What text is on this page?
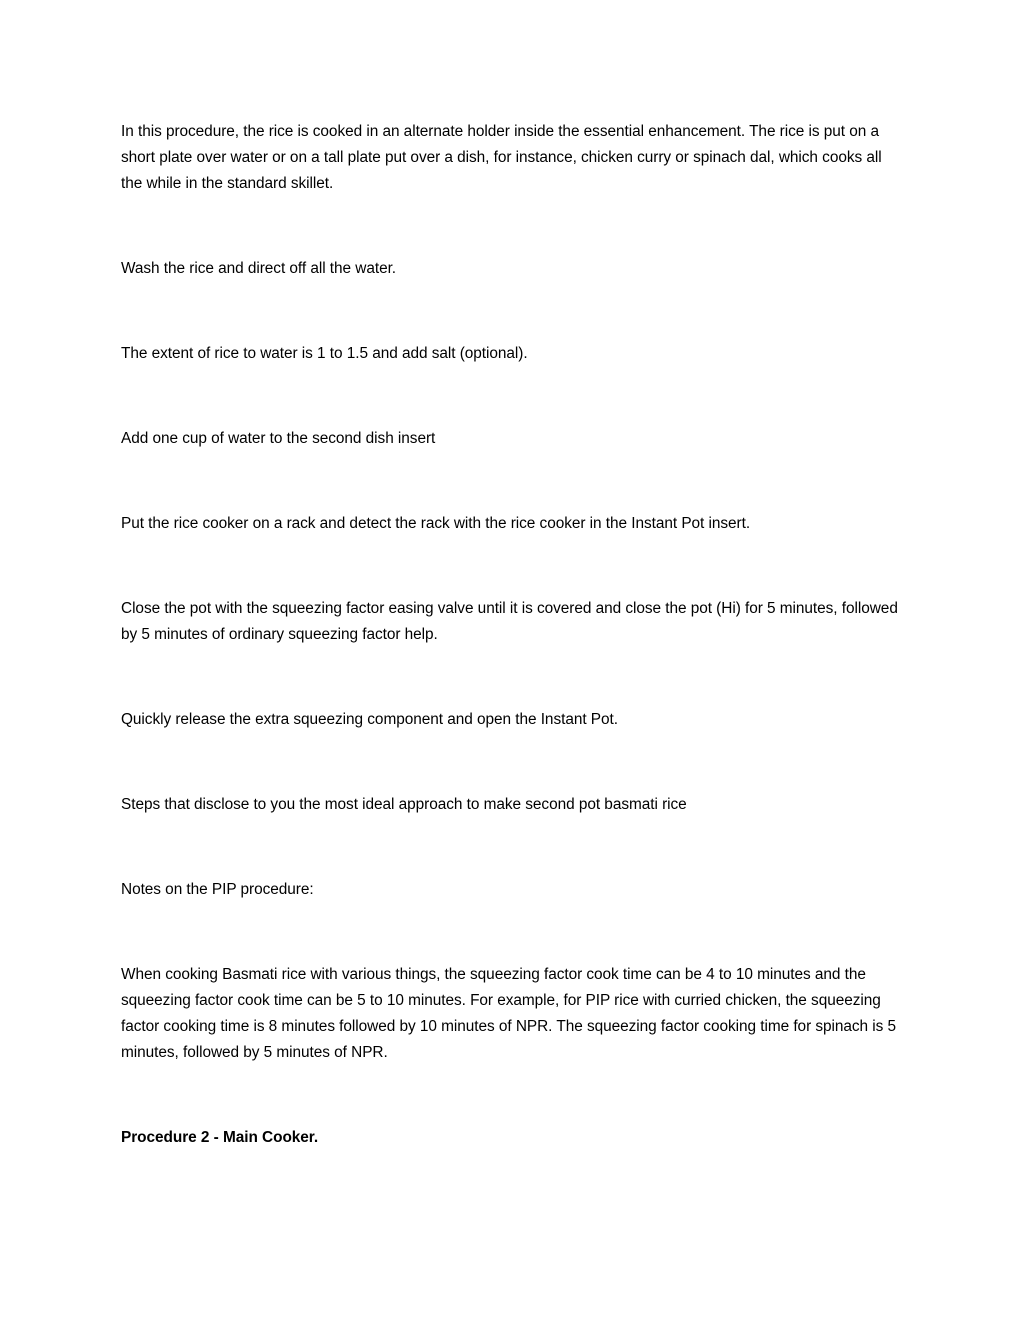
In this procedure, the rice is cooked in an alternate holder inside the essential enhancement. The rice is put on a short plate over water or on a tall plate put over a dish, for instance, chicken curry or spinach dal, which cooks all the while in the standard skillet.

Wash the rice and direct off all the water.

The extent of rice to water is 1 to 1.5 and add salt (optional).

Add one cup of water to the second dish insert

Put the rice cooker on a rack and detect the rack with the rice cooker in the Instant Pot insert.

Close the pot with the squeezing factor easing valve until it is covered and close the pot (Hi) for 5 minutes, followed by 5 minutes of ordinary squeezing factor help.

Quickly release the extra squeezing component and open the Instant Pot.

Steps that disclose to you the most ideal approach to make second pot basmati rice

Notes on the PIP procedure:

When cooking Basmati rice with various things, the squeezing factor cook time can be 4 to 10 minutes and the squeezing factor cook time can be 5 to 10 minutes. For example, for PIP rice with curried chicken, the squeezing factor cooking time is 8 minutes followed by 10 minutes of NPR. The squeezing factor cooking time for spinach is 5 minutes, followed by 5 minutes of NPR.

Procedure 2 - Main Cooker.
